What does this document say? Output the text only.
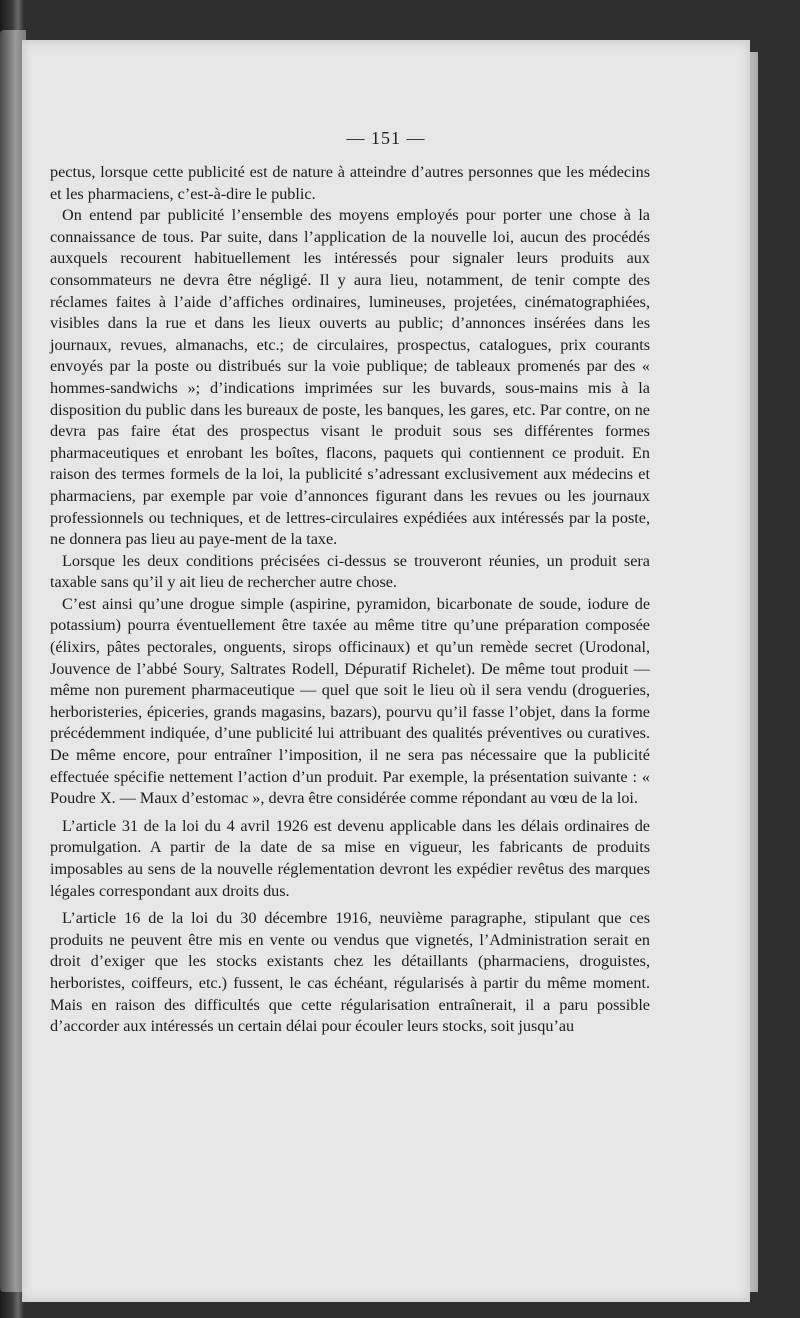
— 151 —

pectus, lorsque cette publicité est de nature à atteindre d’autres personnes que les médecins et les pharmaciens, c’est-à-dire le public.

On entend par publicité l’ensemble des moyens employés pour porter une chose à la connaissance de tous. Par suite, dans l’application de la nouvelle loi, aucun des procédés auxquels recourent habituellement les intéressés pour signaler leurs produits aux consommateurs ne devra être négligé. Il y aura lieu, notamment, de tenir compte des réclames faites à l’aide d’affiches ordinaires, lumineuses, projetées, cinématographiées, visibles dans la rue et dans les lieux ouverts au public; d’annonces insérées dans les journaux, revues, almanachs, etc.; de circulaires, prospectus, catalogues, prix courants envoyés par la poste ou distribués sur la voie publique; de tableaux promenés par des « hommes-sandwichs »; d’indications imprimées sur les buvards, sous-mains mis à la disposition du public dans les bureaux de poste, les banques, les gares, etc. Par contre, on ne devra pas faire état des prospectus visant le produit sous ses différentes formes pharmaceutiques et enrobant les boîtes, flacons, paquets qui contiennent ce produit. En raison des termes formels de la loi, la publicité s’adressant exclusivement aux médecins et pharmaciens, par exemple par voie d’annonces figurant dans les revues ou les journaux professionnels ou techniques, et de lettres-circulaires expédiées aux intéressés par la poste, ne donnera pas lieu au paye-ment de la taxe.

Lorsque les deux conditions précisées ci-dessus se trouveront réunies, un produit sera taxable sans qu’il y ait lieu de rechercher autre chose.

C’est ainsi qu’une drogue simple (aspirine, pyramidon, bicarbonate de soude, iodure de potassium) pourra éventuellement être taxée au même titre qu’une préparation composée (élixirs, pâtes pectorales, onguents, sirops officinaux) et qu’un remède secret (Urodonal, Jouvence de l’abbé Soury, Saltrates Rodell, Dépuratif Richelet). De même tout produit — même non purement pharmaceutique — quel que soit le lieu où il sera vendu (drogueries, herboristeries, épiceries, grands magasins, bazars), pourvu qu’il fasse l’objet, dans la forme précédemment indiquée, d’une publicité lui attribuant des qualités préventives ou curatives. De même encore, pour entraîner l’imposition, il ne sera pas nécessaire que la publicité effectuée spécifie nettement l’action d’un produit. Par exemple, la présentation suivante : « Poudre X. — Maux d’estomac », devra être considérée comme répondant au vœu de la loi.

L’article 31 de la loi du 4 avril 1926 est devenu applicable dans les délais ordinaires de promulgation. A partir de la date de sa mise en vigueur, les fabricants de produits imposables au sens de la nouvelle réglementation devront les expédier revêtus des marques légales correspondant aux droits dus.

L’article 16 de la loi du 30 décembre 1916, neuvième paragraphe, stipulant que ces produits ne peuvent être mis en vente ou vendus que vignetés, l’Administration serait en droit d’exiger que les stocks existants chez les détaillants (pharmaciens, droguistes, herboristes, coiffeurs, etc.) fussent, le cas échéant, régularisés à partir du même moment. Mais en raison des difficultés que cette régularisation entraînerait, il a paru possible d’accorder aux intéressés un certain délai pour écouler leurs stocks, soit jusqu’au
